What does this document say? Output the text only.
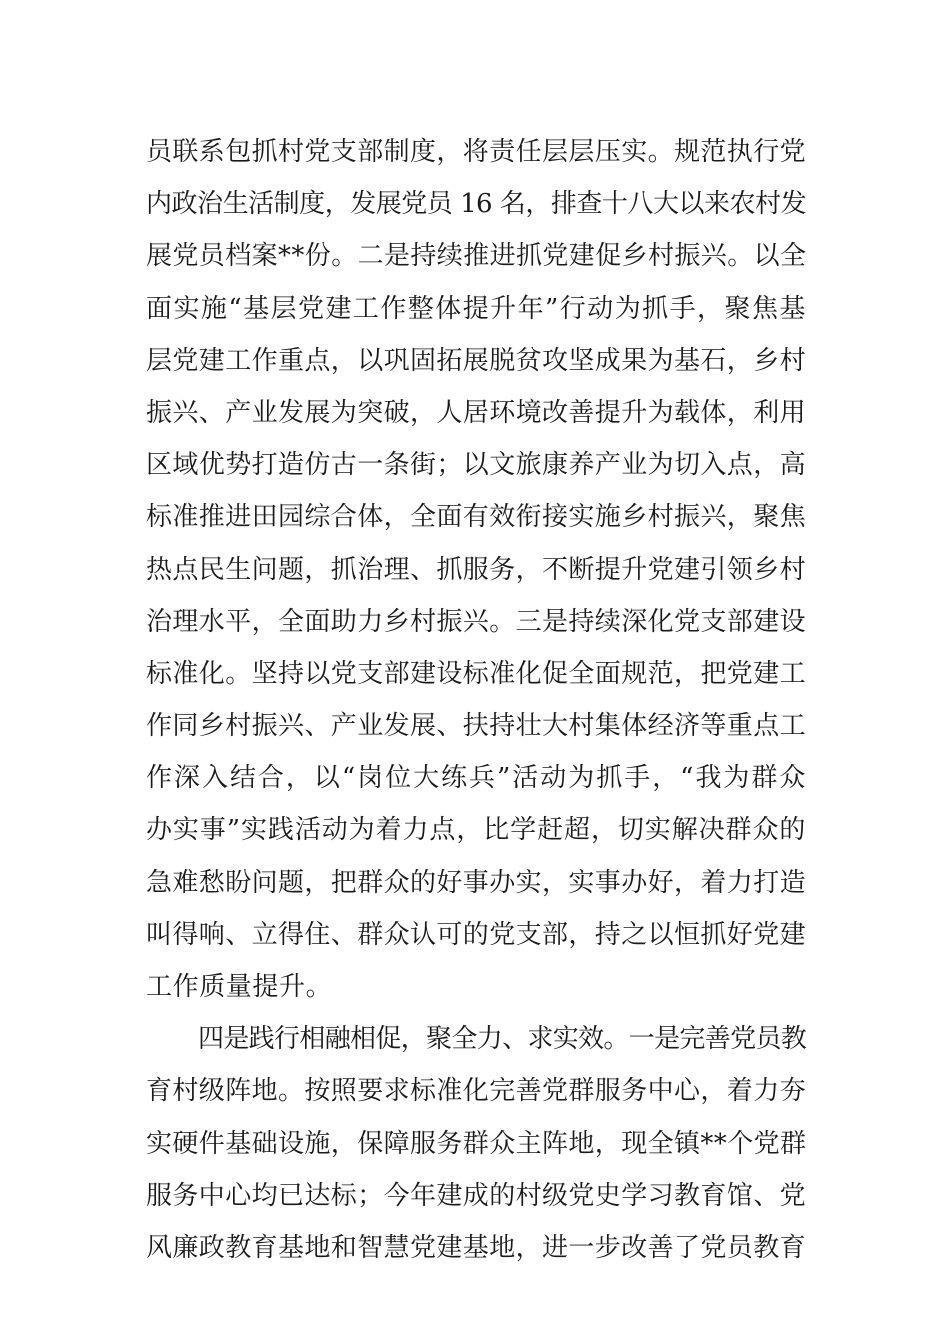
员联系包抓村党支部制度，将责任层层压实。规范执行党
内政治生活制度，发展党员 16 名，排查十八大以来农村发
展党员档案**份。二是持续推进抓党建促乡村振兴。以全
面实施“基层党建工作整体提升年”行动为抓手，聚焦基
层党建工作重点，以巩固拓展脱贫攻坚成果为基石，乡村
振兴、产业发展为突破，人居环境改善提升为载体，利用
区域优势打造仿古一条街；以文旅康养产业为切入点，高
标准推进田园综合体，全面有效衔接实施乡村振兴，聚焦
热点民生问题，抓治理、抓服务，不断提升党建引领乡村
治理水平，全面助力乡村振兴。三是持续深化党支部建设
标准化。坚持以党支部建设标准化促全面规范，把党建工
作同乡村振兴、产业发展、扶持壮大村集体经济等重点工
作深入结合，以“岗位大练兵”活动为抓手，“我为群众
办实事”实践活动为着力点，比学赶超，切实解决群众的
急难愁盼问题，把群众的好事办实，实事办好，着力打造
叫得响、立得住、群众认可的党支部，持之以恒抓好党建
工作质量提升。
四是践行相融相促，聚全力、求实效。一是完善党员教
育村级阵地。按照要求标准化完善党群服务中心，着力夯
实硬件基础设施，保障服务群众主阵地，现全镇**个党群
服务中心均已达标；今年建成的村级党史学习教育馆、党
风廉政教育基地和智慧党建基地，进一步改善了党员教育
